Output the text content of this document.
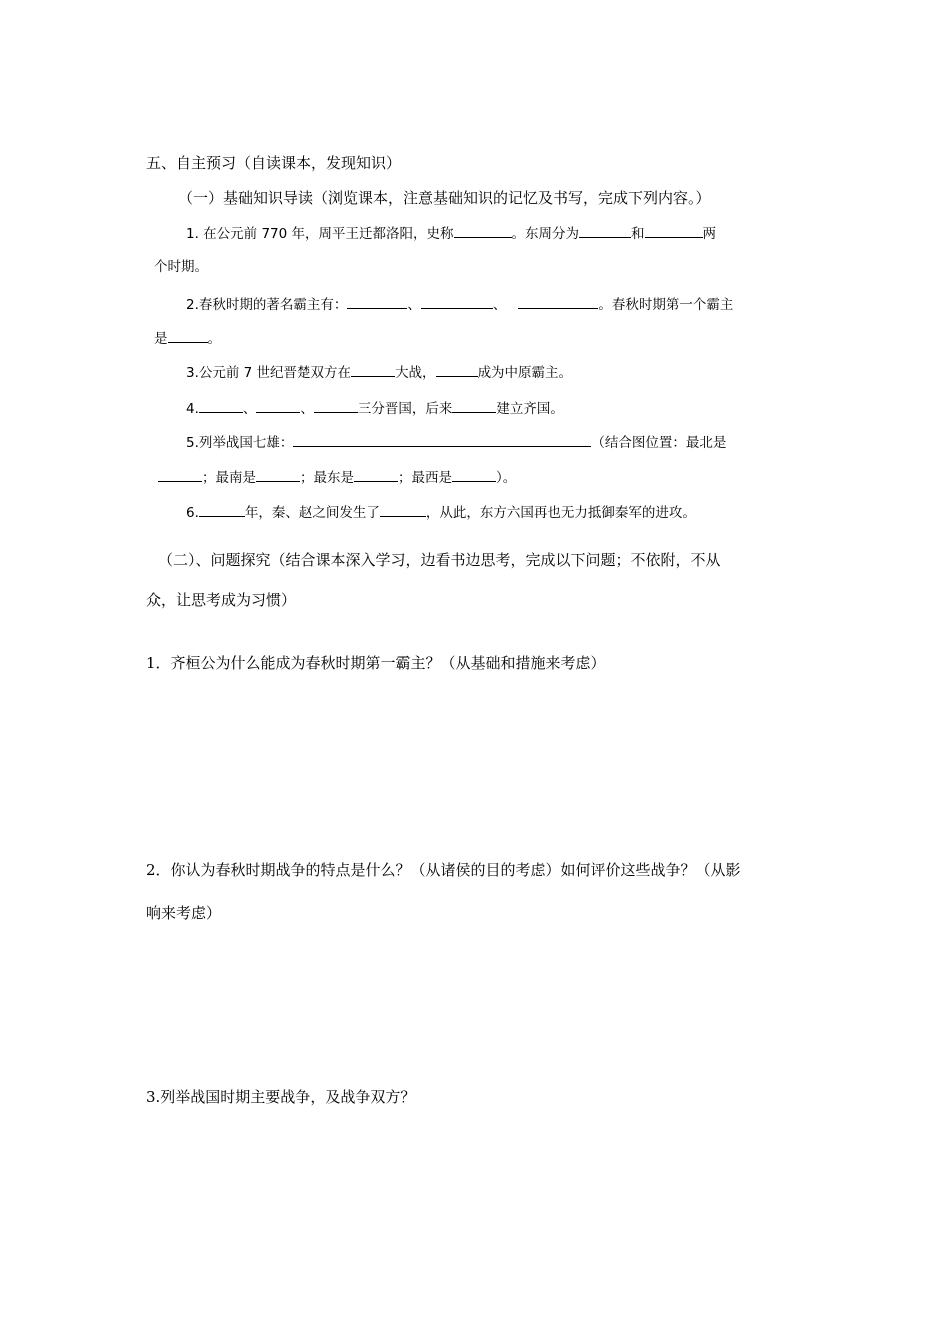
五、自主预习（自读课本，发现知识）
（一）基础知识导读（浏览课本，注意基础知识的记忆及书写，完成下列内容。）
1. 在公元前 770 年，周平王迁都洛阳，史称	。东周分为	和	两
个时期。
2.春秋时期的著名霸主有：	、	、	。春秋时期第一个霸主
是	。
3.公元前 7 世纪晋楚双方在	大战，	成为中原霸主。
4.	、	、	三分晋国，后来	建立齐国。
5.列举战国七雄：	（结合图位置：最北是
；最南是	；最东是	；最西是	）。
6.	年，秦、赵之间发生了	，从此，东方六国再也无力抵御秦军的进攻。
（二）、问题探究（结合课本深入学习，边看书边思考，完成以下问题；不依附，不从
众，让思考成为习惯）
1．齐桓公为什么能成为春秋时期第一霸主？（从基础和措施来考虑）
2．你认为春秋时期战争的特点是什么？（从诸侯的目的考虑）如何评价这些战争？（从影
响来考虑）
3.列举战国时期主要战争，及战争双方？
